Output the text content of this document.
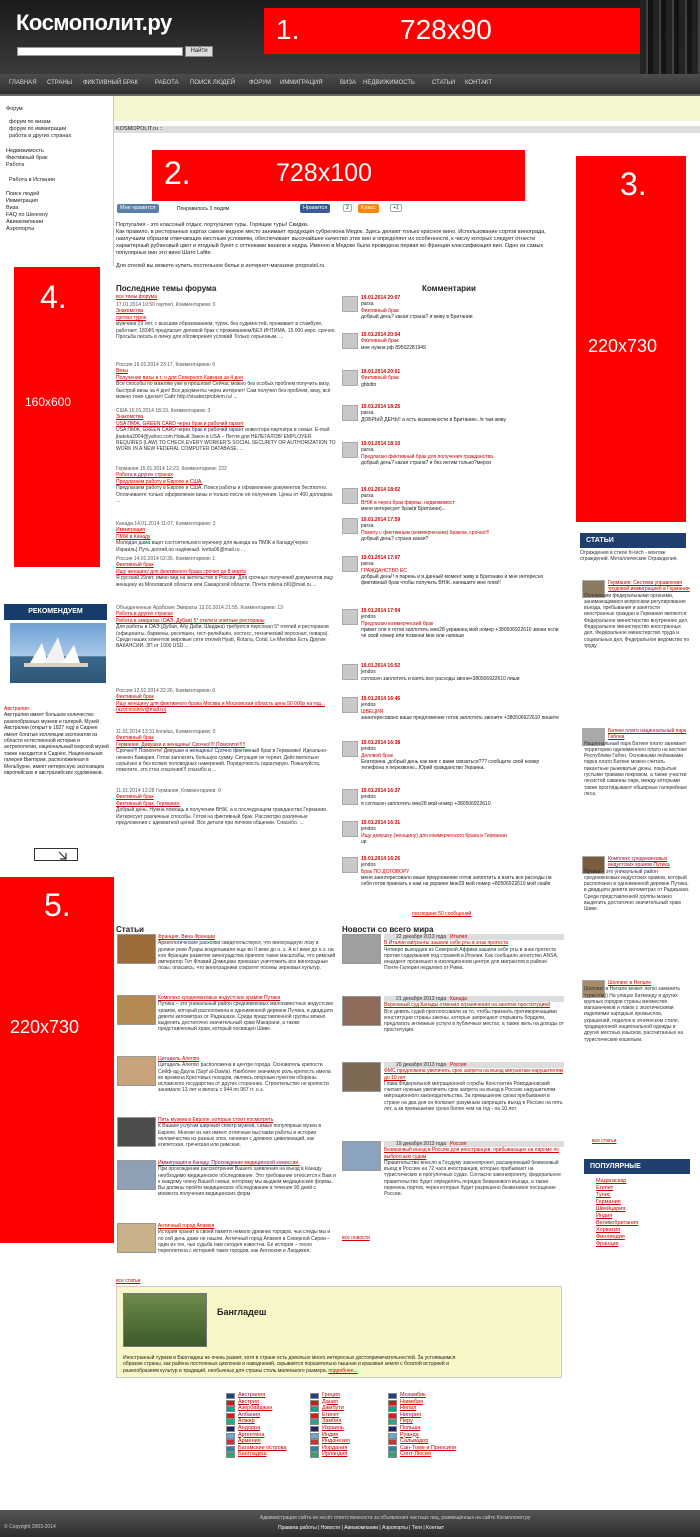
Космополит.ру
Найти
1.	728x90
ГЛАВНАЯ СТРАНЫ ФИКТИВНЫЙ БРАК	РАБОТА ПОИСК ЛЮДЕЙ ФОРУМ ИММИГРАЦИЯ	ВИЗА НЕДВИЖИМОСТЬ	СТАТЬИ КОНТАКТ
Форум
форум по визам
форум по иммиграции
работа в других странах
Недвижимость
Фиктивный брак
Работа
Работа в Испании
Поиск людей
Иммиграция
Виза
FAQ по Шенгену
Авиакомпании
Аэропорты
KOSMOPOLIT.ru ::
2.	728x100	3.
220x730
4.
160x600
5.
220x730
Мне нравится	Понравилось 3 людям	Нравится	2	Класс	+1

Португалия - это классный отдых: португалия туры. Горящие туры! Скидки.

Как правило, в ресторанных картах самое видное место занимает продукция субрегиона Медок. Здесь делают только красное вино. Использование сортов винограда, наилучшим образом отвечающих местным условиям, обеспечивает высочайшее качество этих вин и определяет их особенности, к числу которых следует отнести характерный рубиновый цвет и ягодный букет с оттенками ванили и кедра. Именно в Медоке была проведена первая во Франции классификация вин. Одно из самых популярных вин это вино Шато Lafite.

Для отелей вы можете купить постельное белье в интернет-магазине propostel.ru

Последние темы форума
все темы форума
Комментарии
последние 50 сообщений
РЕКОМЕНДУЕМ
Австралия
Австралия имеет большое количество разнообразных музеев и галерей. Музей Австралии (открыт в 1827 год) в Сиднее имеет богатые коллекции экспонатов из области естественной истории и антропологии, национальный морской музей также находится в Сиднее. Национальная галерея Виктории, расположенная в Мельбурне, имеет интересную экспозицию европейских и австралийских художников.
СТАТЬИ
Ограждения в стиле hi-tech - монтаж ограждений. Металлические Ограждения.
все статьи
ПОПУЛЯРНЫЕ
Мадагаскар
Египет
Тунис
Германия
Швейцария
Индия
Великобритания
Хорватия
Финляндия
Франция
Статьи
все статьи
Новости со всего мира
все новости
Бангладеш
Иностранный туризм в Бангладеш не очень развит, хотя в стране есть довольно много интересных достопримечательностей. За устоявшимся образом страны, как района постоянных циклонов и наводнений, скрывается поразительно пышная и красивая земля с богатой историей и разнообразием культур и традиций, необычных для страны столь маленького размера. подробнее...
Австралия
Австрия
Азербайджан
Албания
Алжир
Андорра
Аргентина
Армения
Багамские острова
Бангладеш
Греция
Дания
Джибути
Египет
Замбия
Израиль
Индия
Индонезия
Иордания
Ирландия
Мозамбик
Намибия
Непал
Нигерия
Перу
Польша
Руанда
Сальвадор
Сан-Томе и Принсипи
Сент-Люсия
© Copyright 2003-2014
Администрация сайта не несёт ответственности за объявления частных лиц, размещённых на сайте Космополит.ру
Правила работы | Новости | Авиакомпании | Аэропорты | Теги | Контакт
17.01.2014 10:50 raymeri, Комментариев: 0
Знакомства
срочно турок
мужчина 29 лет, с высшим образованием, турок, без судимостей, проживает в стамбуле, работает. 183Ф5 предлагает деловой брак с проживанием/БЕЗ ИНТИМА. 15 000 евро. срочно. Просьба писать в личку для обговорения условий Только серьезным. ...
Россия 16.01.2014 23:17, Комментариев: 0
Визы
Получение визы в т. ч для Северного Кавказа за 4 дня
Все способы по мажлям уже в прошлом! Сейчас можно без особых проблем получить визу, быстрой визы за 4 дня! Все документы через интернет! Сам получил без проблем, визу, всё можно тоже сделал! Сайт http://visabezproblem.ru/ ...
США 15.01.2014 18:33, Комментариев: 3
Знакомства
USA ПМЖ, GREEN CARD через брак и рабочий гарант
USA ПМЖ, GREEN CARD через брак и рабочий гарант инвестора-партнёра и семьи. E-mail: jbateka2004@yahoo.com.Новый Закон в USA – Петля для НЕЛЕГАЛОВ! EMPLOYER REQUIRES (LAW) TO CHECK EVERY WORKER'S SOCIAL SECURITY OR AUTHORIZATION TO WORK IN A NEW FEDERAL COMPUTER DATABASE. ...
Германия 15.01.2014 12:23, Комментариев: 222
Работа в других странах
Предлагаем работу в Европе и США.
Предлагаем работу в Европе и США. Поиск работы и оформление документов бесплатно. Оплачиваете только оформление визы и только после её получения. Цены от 400 долларов. ...
Канада 14.01.2014 11:07, Комментариев: 3
Иммиграция
ПМЖ в Канаду
Молодая дама ищет состоятельного мужчину для выезда на ПМЖ в Канаду(через Израиль).Путь долгий,но надёжный. ivetta06@mail.ru ...
Россия 14.01.2014 02:35, Комментариев: 1
Фиктивный брак
Ищу женщину для фиктивного брака срочно до 8 марта
Я русский 29лет, имею вид на жительство в России. Для срочных получений документов ищу женщину из Московской области или Самарской области. Почта milena.r90@mail.ru ...
Объединенные Арабские Эмираты 13.01.2014 21:55, Комментариев: 13
Работа в других странах
Работа в эмиратах (ОАЭ, Дубаи) 5* отели и элитные рестораны
Для работы в ОАЭ (Дубаи, Абу Даби, Шарджа) требуется персонал 5* отелей и ресторанов (официанты, бармены, ресепшен, гест-релейшен, хостесс, технический персонал, повара). Среди наших клиентов мировые сети отелей Hyatt, Rotana, Coral, Le Meridian Есть Другие ВАКАНСИИ. ЗП от 1000 USD ...
Россия 12.01.2014 22:26, Комментариев: 0
Фиктивный брак
Ищу женщину для фиктивного брака Москва и Московская область цена 50 000р на год... (azor.nosirov@mail.ru)
11.01.2014 13:31 lionelus, Комментариев: 0
Фиктивный брак
Германия. Девушки и женщины! Срочно!!!! Помогите!!!!!
Срочно!!! Помогите! Девушки и женщины! Срочно фиктивный брак в Германию! Идеально- нюнкен Бавария. Готов заплатить большую сумму. Ситуация не терпит. Действительно серьёзно и без всяких половодных намерений. Порядочность гарантирую. Пожалуйста, помогите, это стон спасения!!! спасибо и ...
11.01.2014 13:28 Германия, Комментариев: 0
Фиктивный брак
Фиктивный брак. Германия.
Добрый день. Нужна помощь в получении ВНЖ, а в последующем гражданства Германии. Интересует различные способы. Готов на фиктивный брак. Рассмотрю различные предложения с адекватной ценой. Все детали при личном общении. Спасибо. ...
19.01.2014 20:07
parsa
Фиктивный брак
добрый день? какая страна? я:живу в Британии
19.01.2014 20:04
Фиктивный брак
мне нужна рф 89502281949
19.01.2014 20:01
Фиктивный брак
ghbdtn
19.01.2014 18:25
parsa
ДОБРЫЙ ДЕНЬ!! а есть возможности в Британию..!я там живу
19.01.2014 18:10
parsa
Предлагаю фиктивный брак для получения гражданства.
добрый день? какая страна? и без интим только?мерси
19.01.2014 18:02
parsa
ВНЖ в через брак фирмы: недвижимост
меня интересует брак(в Британии)...
19.01.2014 17:59
parsa
Помогу с фиктивным (коммерческим) браком, срочно!!!
добрый день? страна какая?
19.01.2014 17:07
parsa
ГРАЖДАНСТВО ЕС
добрый день!! я парень и в данный момент живу в Британию и мне интересно фиктивный брак чтобы получить ВНЖ..напишите мне плиз!!
19.01.2014 17:04
jendos
Предлагаю коммерческий брак
привет оля я готов заплотить мне28 украинец мой номер +380506922610 звони если чё свой номер или позвони мне или напиши
19.01.2014 16:52
jendos
согласен заплотить и взять все расходы звони+380506922610 пиши
19.01.2014 16:46
jendos
ШВЕЦИЯ
заинтересовано ваше предложение готов заплотить звоните +380506922610 пишите
19.01.2014 16:38
jendos
Деловой брак
Екатерина ,добрый день как мне с вами связаться??? сообщите свой номер телефона я перезвоню...Юрий гражданство Украина.
19.01.2014 16:37
jendos
я согласен заплотить мне28 мой номер +380506922610
19.01.2014 16:31
jendos
Ищу девушку (женщину) для коммерческого брака в Германии
up
19.01.2014 16:26
jendos
Брак ПО ДОГОВОРУ
меня заинтересовало ваше предложение готов заплотить и взять все расходы на себя готов приехать к нам на украине мне29 мой номер +80506922610 мой скайп
Германия: Система управления трудовой иммиграцией в Германии
Основными федеральными органами, занимающимися вопросами регулирования въезда, пребывания и занятости иностранных граждан в Германии являются: Федеральное министерство внутренних дел, Федеральное министерство иностранных дел, Федеральное министерство труда и социальных дел, Федеральное ведомство по труду.
Батеке плато национальный парк Габона
Национальный парк Батеке плато занимает территорию одноименного плато на востоке Республики Габон. Основными пейзажами парка плато Батеке можно считать пикантные рыжеватые дюны, покрытые густыми травами покровом, а также участки лесистой саванны парк, между которыми также проглядывают обширные галерейные леса.
Комплекс средневековых индустских храмов Путика
Путика – это уникальный район средневековых индустских храмов, который расположен в одноименной деревне Путика, в двадцати девяти километрах от Раджшахи. Среди представленной группы можно выделить достаточно значительный храм Шиве.
Шоппинг в Непале
Шоппинг в Непале может легко заманить туристов)) На улицах Катманду и других крупных городов страны множество магазинчиков и лавок с экзотическими изделиями народных промыслов, украшений, поделок в этническом стиле, традиционной национальной одежды и других местных изысков, рассчитанных на туристические кошельки.
Франция. Вина Франции
Археологические раскопки свидетельствуют, что виноградную лозу в долине реки Луары возделывали еще во II веке до н. э. А в I веке до н.э. на юге Франции развитие виноградства приняло такие масштабы, что римский император Тит Флавий Домициан приказал уничтожить все виноградные лозы, опасаясь, что виноградники сократят посевы зерновых культур.
Комплекс средневековых индустских храмов Путика
Путика – это уникальный район средневековых малоизвестных индустских храмов, который расположена в одноименной деревне Путика, в двадцати девяти километрах от Раджшахи. Среди представленной группы можно выделить достаточно значительный храм Макарани, а также представленный храм, который посвящен Шиве.
Цитадель Алеппо
Цитадель Алеппо расположена в центре города. Основатель крепости Сейф-ад-Даула (Sayf al-Dawla). Наиболее значимую роль крепость имела во времена Крестовых походов, являясь опорным пунктом обороны исламского государства от других сторонних. Строительство не крепости занимало 13 лет и велось с 944 по 967 гг. н.э.
Пять музеев в Европе, которые стоит посмотреть
К Вашим услугам широкий спектр музеев, самые популярные музеи в Европе. Многие из них имеют отличные выставки работы в истории человечества из разных эпох, начиная с древних цивилизаций, как египетская, греческая или римская.
Иммиграция в Канаду. Прохождение медицинской комиссии.
При прохождении рассмотрения Вашего заявления на въезд в Канаду необходимо медицинское обследование. Это требование относится к Вам и к каждому члену Вашей семьи, которому мы выдаем медицинские формы. Вы должны пройти медицинское обследование в течение 90 дней с момента получения медицинских форм.
Античный город Апамея
История хранит в своей памяти немало древних городов, чьи следы мы и по сей день даже не нашли. Античный город Апамея в Северной Сирии – один из тех, чьи судьба нам сегодня известна. Ее история – тесно переплетена с историей таких городов, как Антиохия и Лаодикея.
22 декабря 2013 года Италия
В Италии мигранты зашили себе рты в знак протеста
Четверо выходцев из Северной Африки зашили себе рты в знак протеста против содержания под стражей в Италии. Как сообщило агентство ANSA, инцидент произошел в изоляционном центре для мигрантов в районе Понте-Галерия недалеко от Рима.
21 декабря 2013 года Канада
Верховный суд Канады отменил ограничения на занятие проституцией
Все девять судей проголосовали за то, чтобы признать противоречащими конституции страны законы, которые запрещают открывать бордели, предлагать интимные услуги в публичных местах, а также жить на доходы от проституции.
20 декабря 2013 года Россия
ФМС предложила увеличить срок запрета на въезд мигрантам-нарушителям до 10 лет
Глава Федеральной миграционной службы Константин Ромодановский считает нужным увеличить срок запрета на въезд в Россию нарушителям миграционного законодательства. За превышение срока пребывания в стране на два дня он полагает разумным запрещать въезд в Россию на пять лет, а за превышение срока более чем на год - на 10 лет.
19 декабря 2013 года Россия
Безвизовый въезд в Россию для иностранцев, прибывающих на пароме по выбросным судам
Правительство внесло в Госдуму законопроект, расширяющий безвизовый въезд в Россию на 72 часа иностранцев, которые прибывают на туристических и прогулочных судах. Согласно законопроекту, федеральное правительство будет определять порядок безвизового въезда, а также перечень портов, через которые будет разрешено безвизовое посещение России.
